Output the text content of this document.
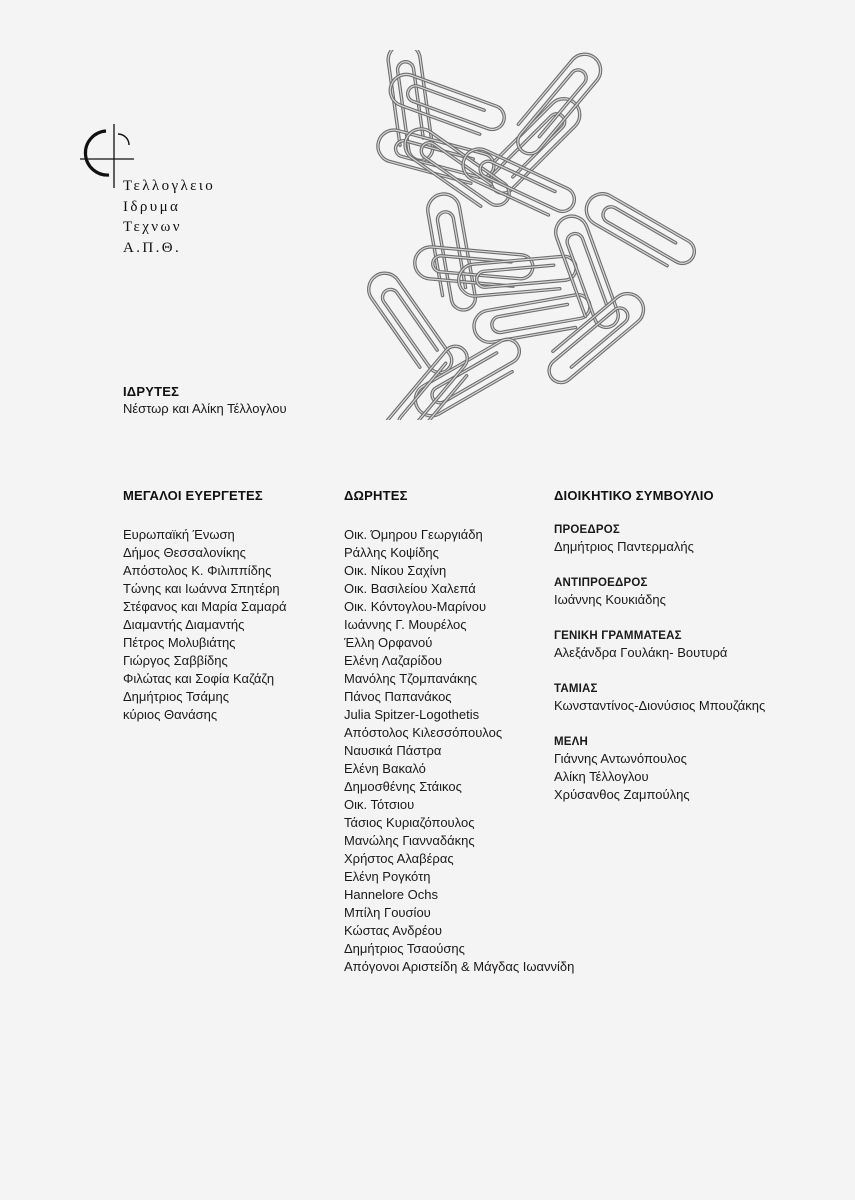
Τελλογλειο
Ιδρυμα
Τεχνων
Α.Π.Θ.
ΙΔΡΥΤΕΣ
Νέστωρ και Αλίκη Τέλλογλου
ΜΕΓΑΛΟΙ ΕΥΕΡΓΕΤΕΣ
Ευρωπαϊκή Ένωση
Δήμος Θεσσαλονίκης
Απόστολος Κ. Φιλιππίδης
Τώνης και Ιωάννα Σπητέρη
Στέφανος και Μαρία Σαμαρά
Διαμαντής Διαμαντής
Πέτρος Μολυβιάτης
Γιώργος Σαββίδης
Φιλώτας και Σοφία Καζάζη
Δημήτριος Τσάμης
κύριος Θανάσης
ΔΩΡΗΤΕΣ
Οικ. Όμηρου Γεωργιάδη
Ράλλης Κοψίδης
Οικ. Νίκου Σαχίνη
Οικ. Βασιλείου Χαλεπά
Οικ. Κόντογλου-Μαρίνου
Ιωάννης Γ. Μουρέλος
Έλλη Ορφανού
Ελένη Λαζαρίδου
Μανόλης Τζομπανάκης
Πάνος Παπανάκος
Julia Spitzer-Logothetis
Απόστολος Κιλεσσόπουλος
Ναυσικά Πάστρα
Ελένη Βακαλό
Δημοσθένης Στάικος
Οικ. Τότσιου
Τάσιος Κυριαζόπουλος
Μανώλης Γιανναδάκης
Χρήστος Αλαβέρας
Ελένη Ρογκότη
Hannelore Ochs
Μπίλη Γουσίου
Κώστας Ανδρέου
Δημήτριος Τσαούσης
Απόγονοι Αριστείδη & Μάγδας Ιωαννίδη
ΔΙΟΙΚΗΤΙΚΟ ΣΥΜΒΟΥΛΙΟ
ΠΡΟΕΔΡΟΣ
Δημήτριος Παντερμαλής
ΑΝΤΙΠΡΟΕΔΡΟΣ
Ιωάννης Κουκιάδης
ΓΕΝΙΚΗ ΓΡΑΜΜΑΤΕΑΣ
Αλεξάνδρα Γουλάκη- Βουτυρά
ΤΑΜΙΑΣ
Κωνσταντίνος-Διονύσιος Μπουζάκης
ΜΕΛΗ
Γιάννης Αντωνόπουλος
Αλίκη Τέλλογλου
Χρύσανθος Ζαμπούλης
